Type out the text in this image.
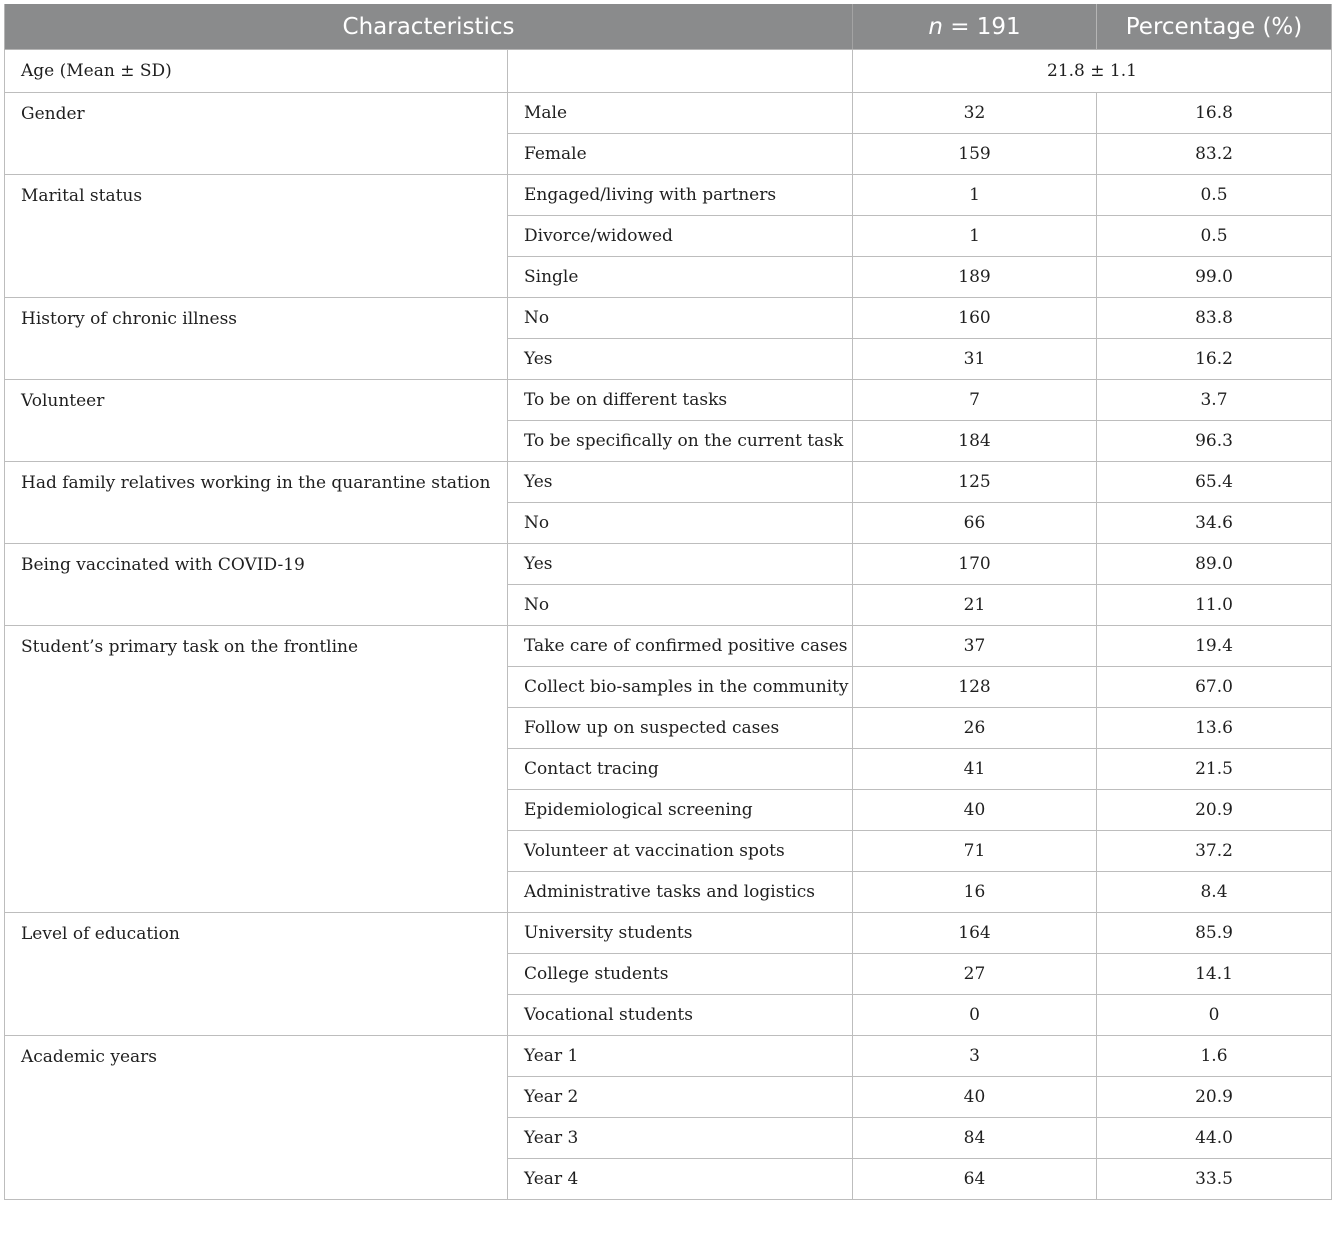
Characteristics		n = 191	Percentage (%)
Age (Mean ± SD)		21.8 ± 1.1	
Gender	Male	32	16.8
	Female	159	83.2
Marital status	Engaged/living with partners	1	0.5
	Divorce/widowed	1	0.5
	Single	189	99.0
History of chronic illness	No	160	83.8
	Yes	31	16.2
Volunteer	To be on different tasks	7	3.7
	To be specifically on the current task	184	96.3
Had family relatives working in the quarantine station	Yes	125	65.4
	No	66	34.6
Being vaccinated with COVID-19	Yes	170	89.0
	No	21	11.0
Student’s primary task on the frontline	Take care of confirmed positive cases	37	19.4
	Collect bio-samples in the community	128	67.0
	Follow up on suspected cases	26	13.6
	Contact tracing	41	21.5
	Epidemiological screening	40	20.9
	Volunteer at vaccination spots	71	37.2
	Administrative tasks and logistics	16	8.4
Level of education	University students	164	85.9
	College students	27	14.1
	Vocational students	0	0
Academic years	Year 1	3	1.6
	Year 2	40	20.9
	Year 3	84	44.0
	Year 4	64	33.5
